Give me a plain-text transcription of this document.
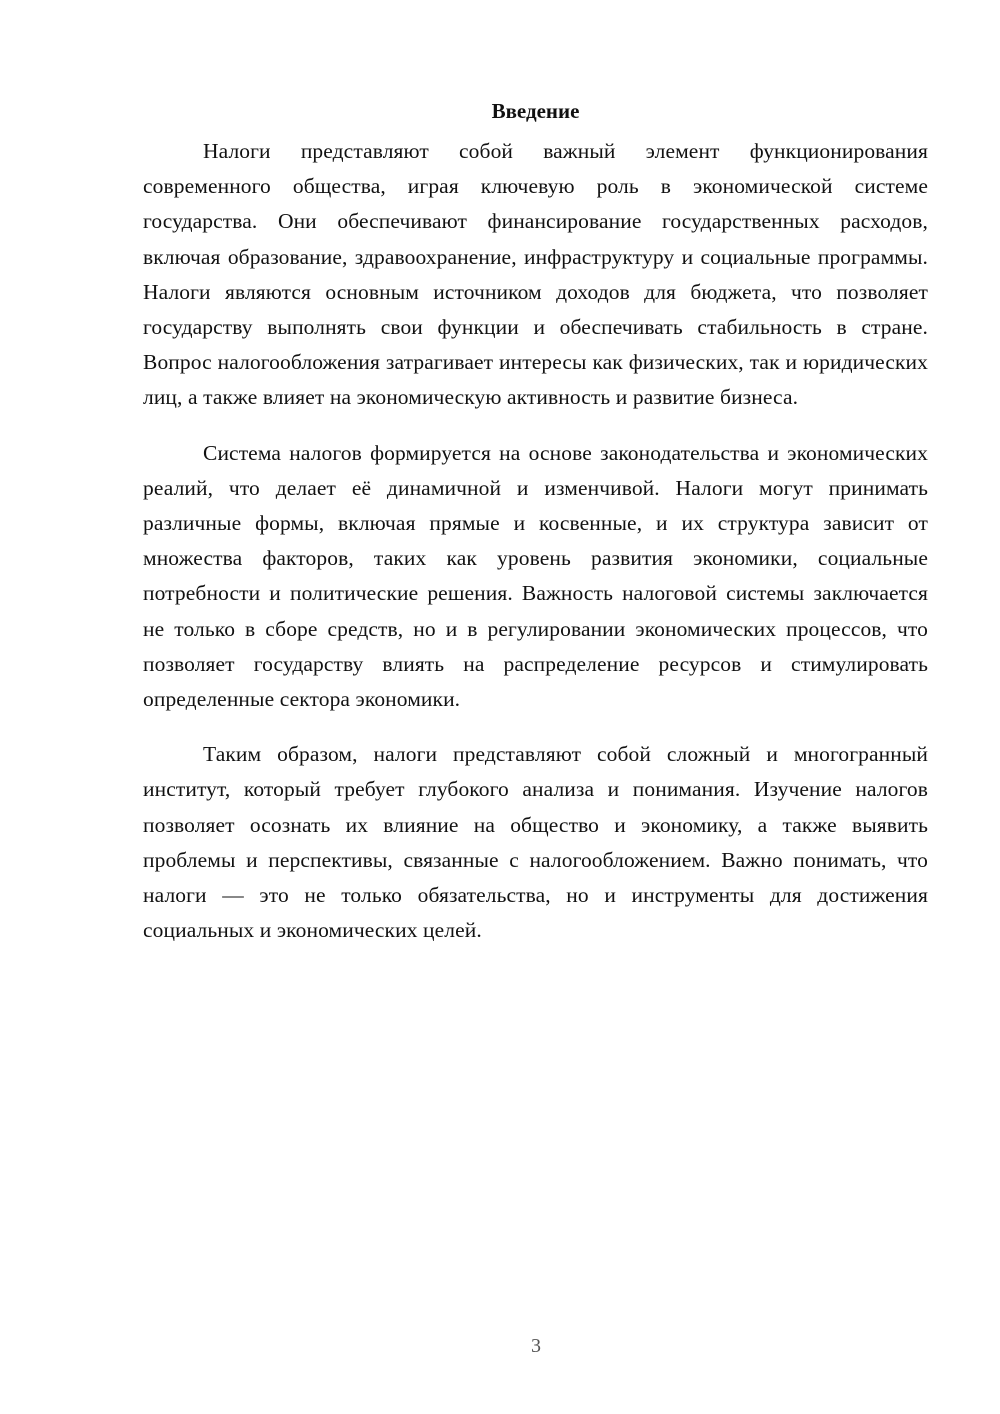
Введение

Налоги представляют собой важный элемент функционирования современного общества, играя ключевую роль в экономической системе государства. Они обеспечивают финансирование государственных расходов, включая образование, здравоохранение, инфраструктуру и социальные программы. Налоги являются основным источником доходов для бюджета, что позволяет государству выполнять свои функции и обеспечивать стабильность в стране. Вопрос налогообложения затрагивает интересы как физических, так и юридических лиц, а также влияет на экономическую активность и развитие бизнеса.

Система налогов формируется на основе законодательства и экономических реалий, что делает её динамичной и изменчивой. Налоги могут принимать различные формы, включая прямые и косвенные, и их структура зависит от множества факторов, таких как уровень развития экономики, социальные потребности и политические решения. Важность налоговой системы заключается не только в сборе средств, но и в регулировании экономических процессов, что позволяет государству влиять на распределение ресурсов и стимулировать определенные сектора экономики.

Таким образом, налоги представляют собой сложный и многогранный институт, который требует глубокого анализа и понимания. Изучение налогов позволяет осознать их влияние на общество и экономику, а также выявить проблемы и перспективы, связанные с налогообложением. Важно понимать, что налоги — это не только обязательства, но и инструменты для достижения социальных и экономических целей.

3
